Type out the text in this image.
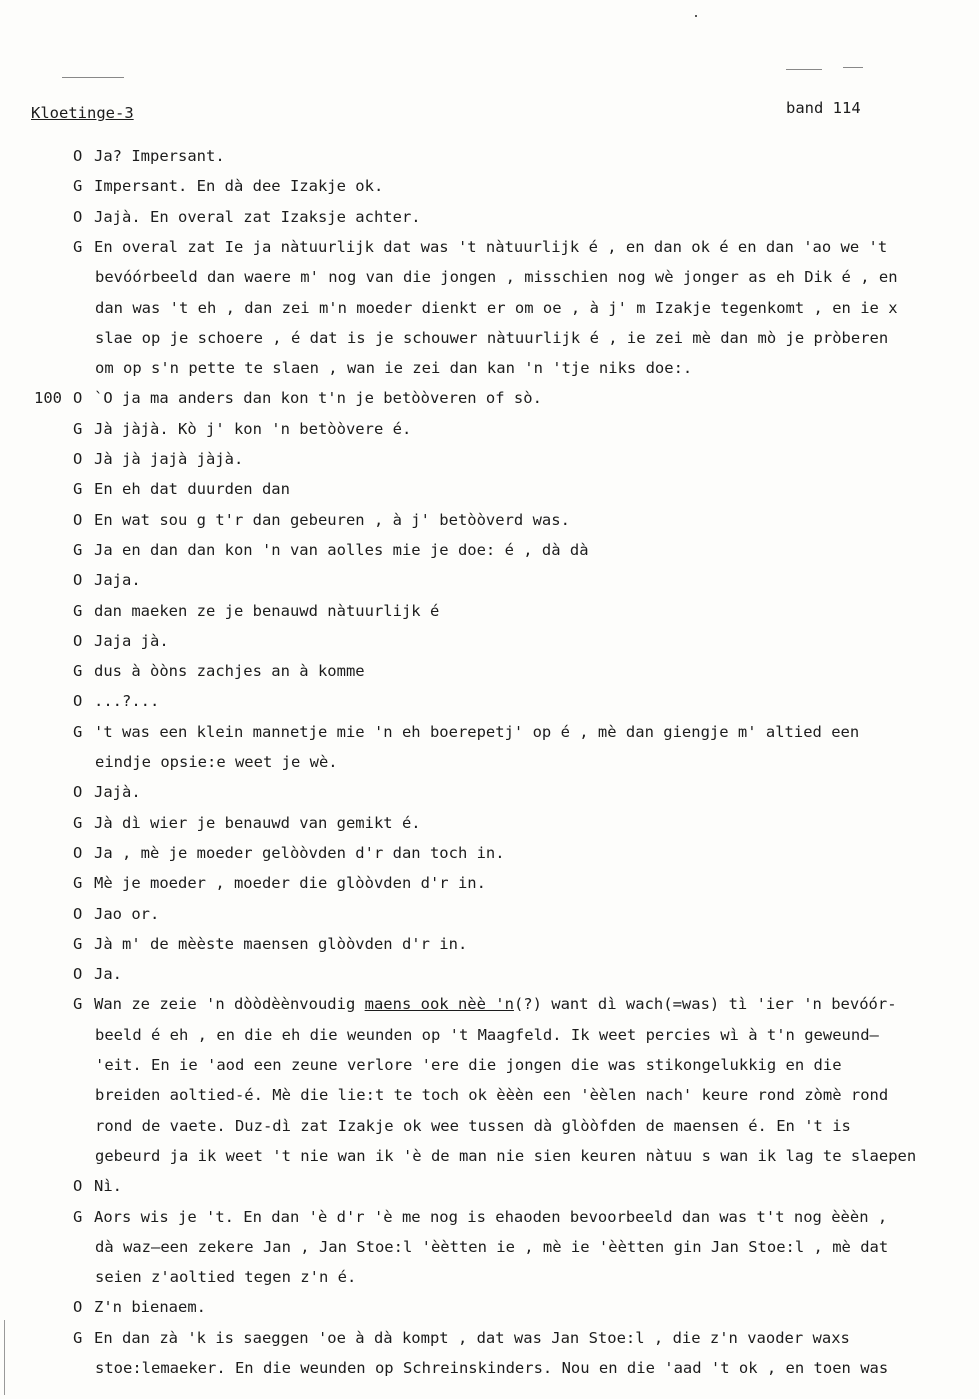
Kloetinge-3	band 114
O Ja? Impersant.
G Impersant. En dà dee Izakje ok.
O Jajà. En overal zat Izaksje achter.
G En overal zat Ie ja nàtuurlijk dat was 't nàtuurlijk é , en dan ok é en dan 'ao we 't
bevóórbeeld dan waere m' nog van die jongen , misschien nog wè jonger as eh Dik é , en
dan was 't eh , dan zei m'n moeder dienkt er om oe , à j' m Izakje tegenkomt , en ie x
slae op je schoere , é dat is je schouwer nàtuurlijk é , ie zei mè dan mò je pròberen
om op s'n pette te slaen , wan ie zei dan kan 'n 'tje niks doe:.
100 O `O ja ma anders dan kon t'n je betòòveren of sò.
G Jà jàjà. Kò j' kon 'n betòòvere é.
O Jà jà jajà jàjà.
G En eh dat duurden dan
O En wat sou g t'r dan gebeuren , à j' betòòverd was.
G Ja en dan dan kon 'n van aolles mie je doe: é , dà dà
O Jaja.
G dan maeken ze je benauwd nàtuurlijk é
O Jaja jà.
G dus à òòns zachjes an à komme
O ...?...
G 't was een klein mannetje mie 'n eh boerepetj' op é , mè dan giengje m' altied een
eindje opsie:e weet je wè.
O Jajà.
G Jà dì wier je benauwd van gemikt é.
O Ja , mè je moeder gelòòvden d'r dan toch in.
G Mè je moeder , moeder die glòòvden d'r in.
O Jao or.
G Jà m' de mèèste maensen glòòvden d'r in.
O Ja.
G Wan ze zeie 'n dòòdèènvoudig maens ook nèè 'n(?) want dì wach(=was) tì 'ier 'n bevóór-
beeld é eh , en die eh die weunden op 't Maagfeld. Ik weet percies wì à t'n geweund—
'eit. En ie 'aod een zeune verlore 'ere die jongen die was stikongelukkig en die
breiden aoltied-é. Mè die lie:t te toch ok èèèn een 'èèlen nach' keure rond zòmè rond
rond de vaete. Duz-dì zat Izakje ok wee tussen dà glòòfden de maensen é. En 't is
gebeurd ja ik weet 't nie wan ik 'è de man nie sien keuren nàtuu s wan ik lag te slaepen
O Nì.
G Aors wis je 't. En dan 'è d'r 'è me nog is ehaoden bevoorbeeld dan was t't nog èèèn ,
dà waz—een zekere Jan , Jan Stoe:l 'èètten ie , mè ie 'èètten gin Jan Stoe:l , mè dat
seien z'aoltied tegen z'n é.
O Z'n bienaem.
G En dan zà 'k is saeggen 'oe à dà kompt , dat was Jan Stoe:l , die z'n vaoder waxs
stoe:lemaeker. En die weunden op Schreinskinders. Nou en die 'aad 't ok , en toen was
